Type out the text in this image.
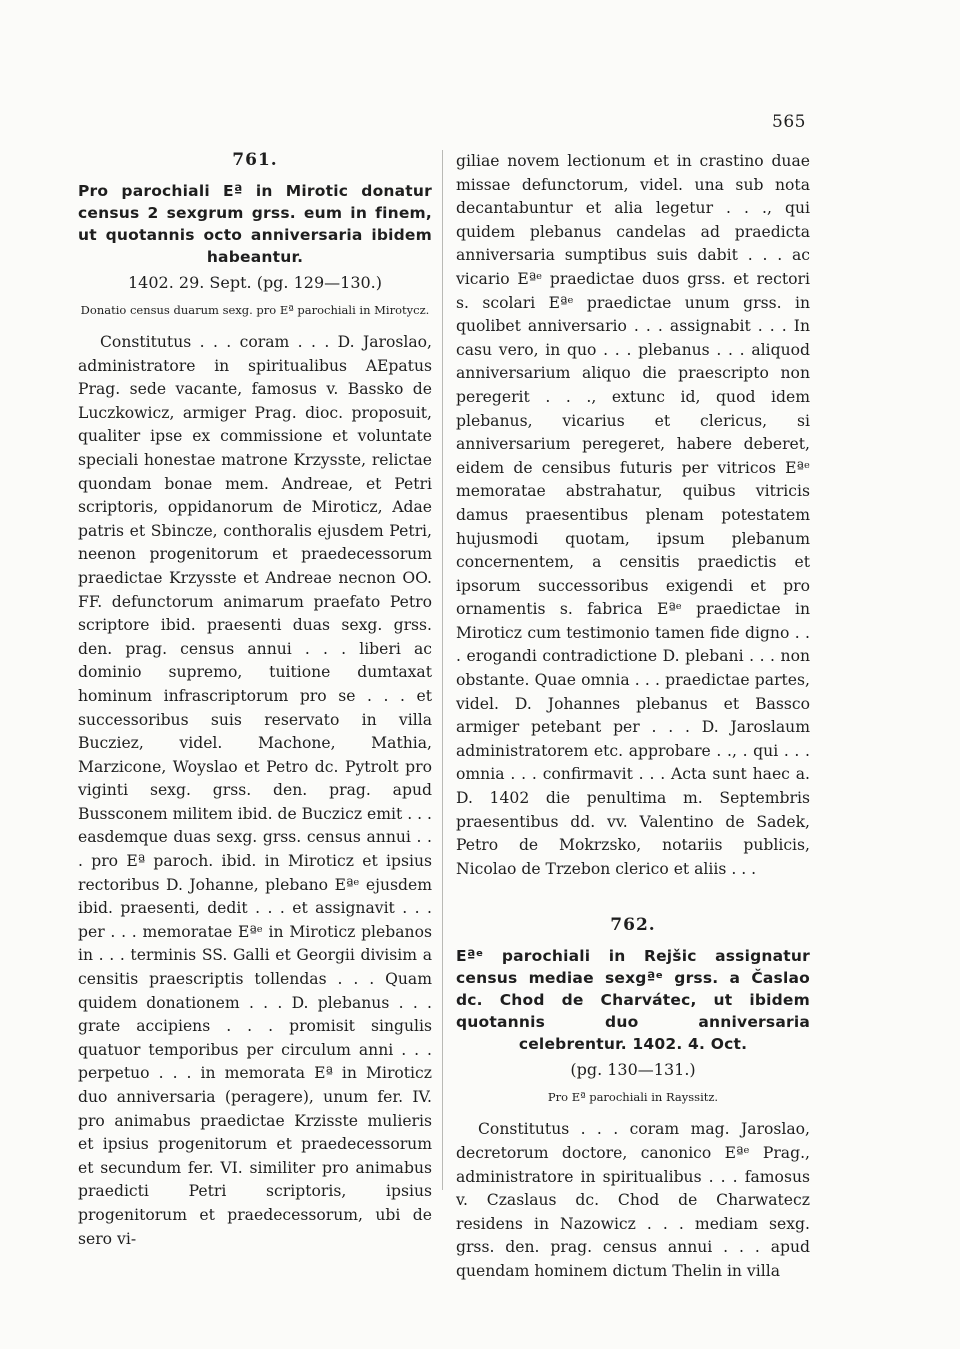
565

761.

Pro parochiali Eª in Mirotic donatur census 2 sexgrum grss. eum in finem, ut quotannis octo anniversaria ibidem habeantur.

1402. 29. Sept. (pg. 129—130.)

Donatio census duarum sexg. pro Eª parochiali in Mirotycz.

Constitutus . . . coram . . . D. Jaroslao, administratore in spiritualibus AEpatus Prag. sede vacante, famosus v. Bassko de Luczkowicz, armiger Prag. dioc. proposuit, qualiter ipse ex commissione et voluntate speciali honestae matrone Krzysste, relictae quondam bonae mem. Andreae, et Petri scriptoris, oppidanorum de Miroticz, Adae patris et Sbincze, conthoralis ejusdem Petri, neenon progenitorum et praedecessorum praedictae Krzysste et Andreae necnon OO. FF. defunctorum animarum praefato Petro scriptore ibid. praesenti duas sexg. grss. den. prag. census annui . . . liberi ac dominio supremo, tuitione dumtaxat hominum infrascriptorum pro se . . . et successoribus suis reservato in villa Bucziez, videl. Machone, Mathia, Marzicone, Woyslao et Petro dc. Pytrolt pro viginti sexg. grss. den. prag. apud Bussconem militem ibid. de Buczicz emit . . . easdemque duas sexg. grss. census annui . . . pro Eª paroch. ibid. in Miroticz et ipsius rectoribus D. Johanne, plebano Eªᵉ ejusdem ibid. praesenti, dedit . . . et assignavit . . . per . . . memoratae Eªᵉ in Miroticz plebanos in . . . terminis SS. Galli et Georgii divisim a censitis praescriptis tollendas . . . Quam quidem donationem . . . D. plebanus . . . grate accipiens . . . promisit singulis quatuor temporibus per circulum anni . . . perpetuo . . . in memorata Eª in Miroticz duo anniversaria (peragere), unum fer. IV. pro animabus praedictae Krzisste mulieris et ipsius progenitorum et praedecessorum et secundum fer. VI. similiter pro animabus praedicti Petri scriptoris, ipsius progenitorum et praedecessorum, ubi de sero vi-

giliae novem lectionum et in crastino duae missae defunctorum, videl. una sub nota decantabuntur et alia legetur . . ., qui quidem plebanus candelas ad praedicta anniversaria sumptibus suis dabit . . . ac vicario Eªᵉ praedictae duos grss. et rectori s. scolari Eªᵉ praedictae unum grss. in quolibet anniversario . . . assignabit . . . In casu vero, in quo . . . plebanus . . . aliquod anniversarium aliquo die praescripto non peregerit . . ., extunc id, quod idem plebanus, vicarius et clericus, si anniversarium peregeret, habere deberet, eidem de censibus futuris per vitricos Eªᵉ memoratae abstrahatur, quibus vitricis damus praesentibus plenam potestatem hujusmodi quotam, ipsum plebanum concernentem, a censitis praedictis et ipsorum successoribus exigendi et pro ornamentis s. fabrica Eªᵉ praedictae in Miroticz cum testimonio tamen fide digno . . . erogandi contradictione D. plebani . . . non obstante. Quae omnia . . . praedictae partes, videl. D. Johannes plebanus et Bassco armiger petebant per . . . D. Jaroslaum administratorem etc. approbare . ., . qui . . . omnia . . . confirmavit . . . Acta sunt haec a. D. 1402 die penultima m. Septembris praesentibus dd. vv. Valentino de Sadek, Petro de Mokrzsko, notariis publicis, Nicolao de Trzebon clerico et aliis . . .

762.

Eªᵉ parochiali in Rejšic assignatur census mediae sexgªᵉ grss. a Časlao dc. Chod de Charvátec, ut ibidem quotannis duo anniversaria celebrentur. 1402. 4. Oct.

(pg. 130—131.)

Pro Eª parochiali in Rayssitz.

Constitutus . . . coram mag. Jaroslao, decretorum doctore, canonico Eªᵉ Prag., administratore in spiritualibus . . . famosus v. Czaslaus dc. Chod de Charwatecz residens in Nazowicz . . . mediam sexg. grss. den. prag. census annui . . . apud quendam hominem dictum Thelin in villa
